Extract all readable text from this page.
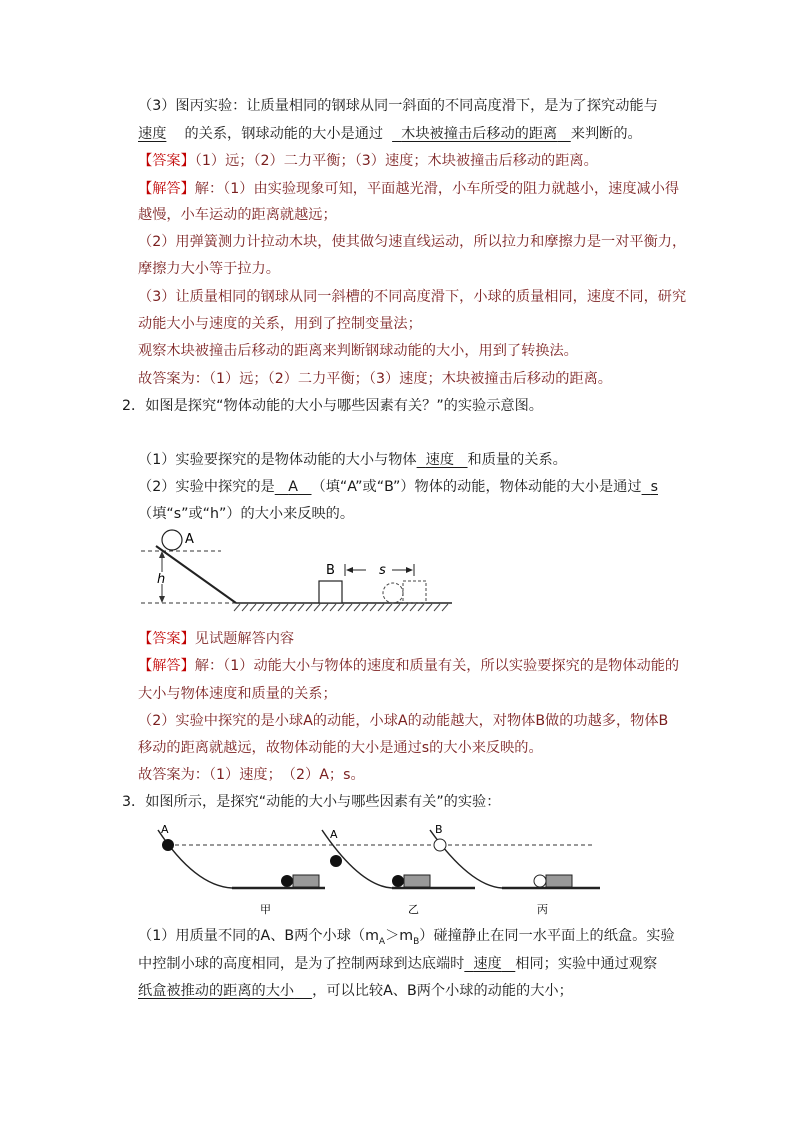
（3）图丙实验：让质量相同的钢球从同一斜面的不同高度滑下，是为了探究动能与
速度 的关系，钢球动能的大小是通过 木块被撞击后移动的距离 来判断的。
【答案】（1）远；（2）二力平衡；（3）速度；木块被撞击后移动的距离。
【解答】解：（1）由实验现象可知，平面越光滑，小车所受的阻力就越小，速度减小得
越慢，小车运动的距离就越远；
（2）用弹簧测力计拉动木块，使其做匀速直线运动，所以拉力和摩擦力是一对平衡力，
摩擦力大小等于拉力。
（3）让质量相同的钢球从同一斜槽的不同高度滑下，小球的质量相同，速度不同，研究
动能大小与速度的关系，用到了控制变量法；
观察木块被撞击后移动的距离来判断钢球动能的大小，用到了转换法。
故答案为：（1）远；（2）二力平衡；（3）速度；木块被撞击后移动的距离。
2．如图是探究“物体动能的大小与哪些因素有关？”的实验示意图。
（1）实验要探究的是物体动能的大小与物体 速度 和质量的关系。
（2）实验中探究的是 A （填“A”或“B”）物体的动能，物体动能的大小是通过 s
（填“s”或“h”）的大小来反映的。
h
A
B	s
【答案】见试题解答内容
【解答】解：（1）动能大小与物体的速度和质量有关，所以实验要探究的是物体动能的
大小与物体速度和质量的关系；
（2）实验中探究的是小球A的动能，小球A的动能越大，对物体B做的功越多，物体B
移动的距离就越远，故物体动能的大小是通过s的大小来反映的。
故答案为：（1）速度；　（2）A；s。
3．如图所示，是探究“动能的大小与哪些因素有关”的实验：
A
甲
A
乙
B
丙
（1）用质量不同的A、B两个小球$(m_A>m_B)$碰撞静止在同一水平面上的纸盒。实验
中控制小球的高度相同，是为了控制两球到达底端时 速度 相同；实验中通过观察
纸盒被推动的距离的大小 ，可以比较A、B两个小球的动能的大小；
